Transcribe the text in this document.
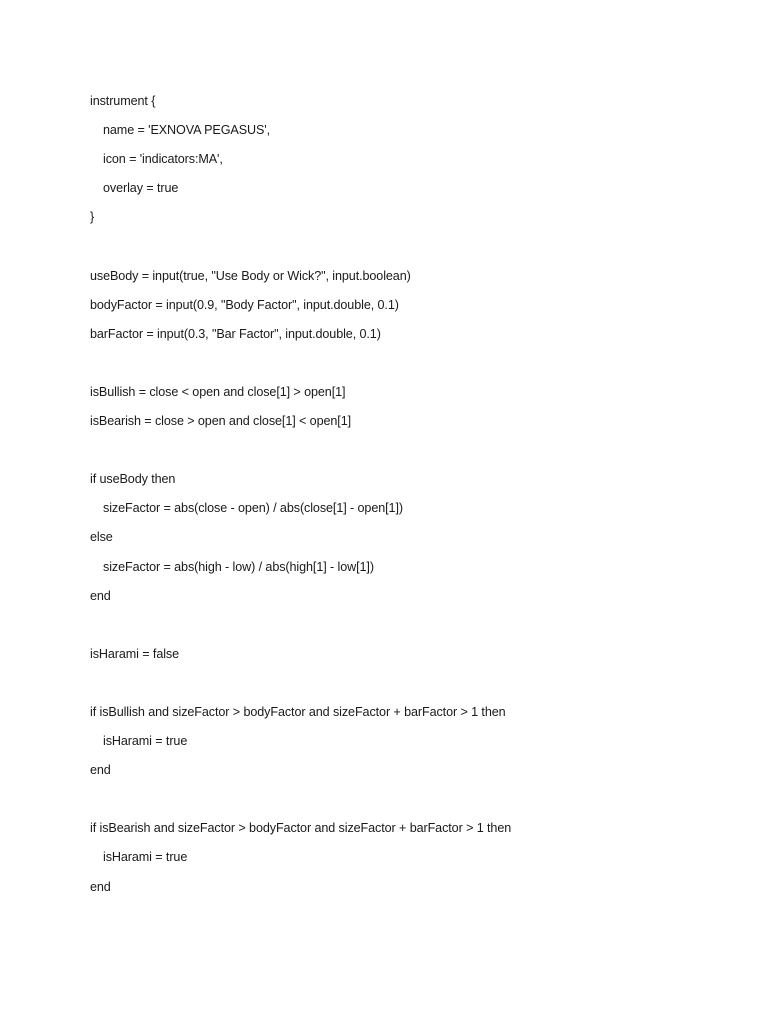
instrument {
name = 'EXNOVA PEGASUS',
icon = 'indicators:MA',
overlay = true
}
useBody = input(true, "Use Body or Wick?", input.boolean)
bodyFactor = input(0.9, "Body Factor", input.double, 0.1)
barFactor = input(0.3, "Bar Factor", input.double, 0.1)
isBullish = close < open and close[1] > open[1]
isBearish = close > open and close[1] < open[1]
if useBody then
sizeFactor = abs(close - open) / abs(close[1] - open[1])
else
sizeFactor = abs(high - low) / abs(high[1] - low[1])
end
isHarami = false
if isBullish and sizeFactor > bodyFactor and sizeFactor + barFactor > 1 then
isHarami = true
end
if isBearish and sizeFactor > bodyFactor and sizeFactor + barFactor > 1 then
isHarami = true
end
